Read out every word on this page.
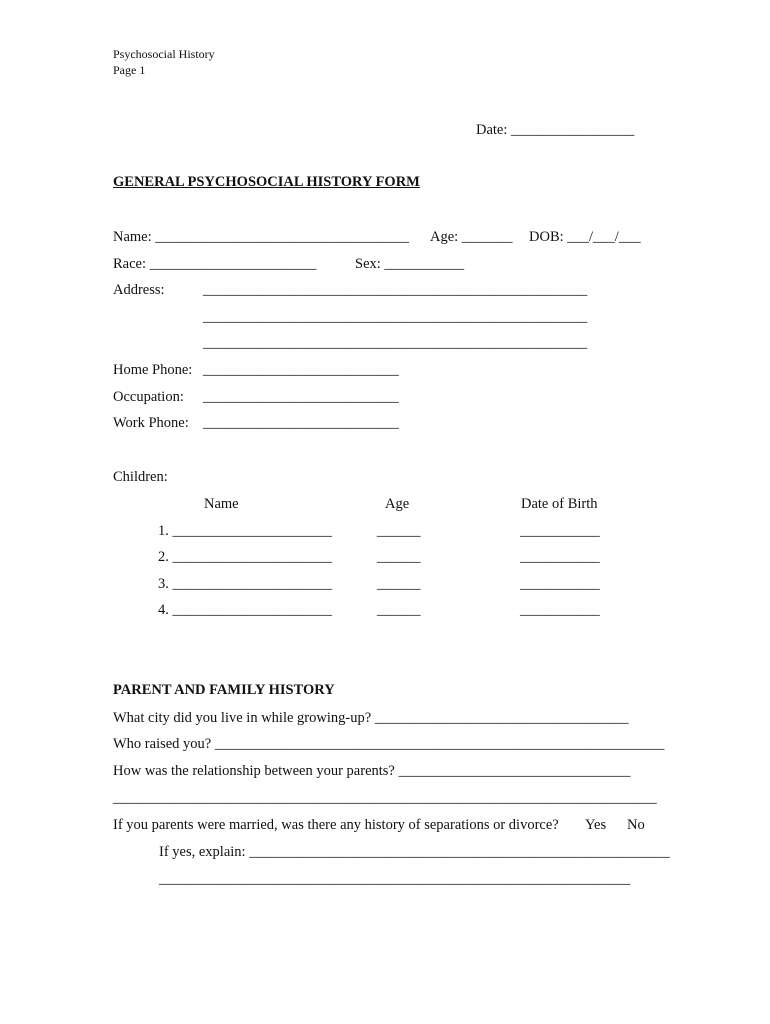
Psychosocial History
Page 1
Date: _________________
GENERAL PSYCHOSOCIAL HISTORY FORM
Name: ___________________________________ Age: _______ DOB: ___/___/___
Race: _______________________	Sex: ___________
Address:	_____________________________________________________
_____________________________________________________
_____________________________________________________
Home Phone: ___________________________
Occupation: ___________________________
Work Phone: ___________________________
Children:
Name	Age	Date of Birth
1. ______________________	______	___________
2. ______________________	______	___________
3. ______________________	______	___________
4. ______________________	______	___________
PARENT AND FAMILY HISTORY
What city did you live in while growing-up? ___________________________________
Who raised you? ______________________________________________________________
How was the relationship between your parents? ________________________________
___________________________________________________________________________
If you parents were married, was there any history of separations or divorce? Yes No
If yes, explain: __________________________________________________________
_________________________________________________________________
